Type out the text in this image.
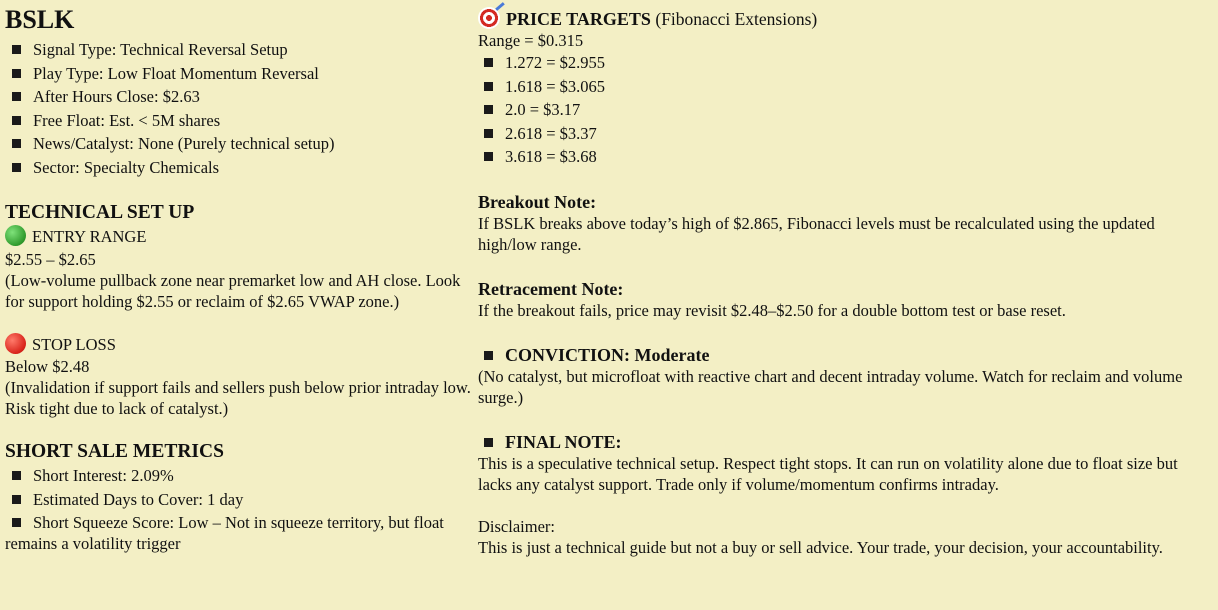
BSLK
Signal Type: Technical Reversal Setup
Play Type: Low Float Momentum Reversal
After Hours Close: $2.63
Free Float: Est. < 5M shares
News/Catalyst: None (Purely technical setup)
Sector: Specialty Chemicals
TECHNICAL SET UP
ENTRY RANGE
$2.55 – $2.65
(Low-volume pullback zone near premarket low and AH close. Look for support holding $2.55 or reclaim of $2.65 VWAP zone.)
STOP LOSS
Below $2.48
(Invalidation if support fails and sellers push below prior intraday low. Risk tight due to lack of catalyst.)
SHORT SALE METRICS
Short Interest: 2.09%
Estimated Days to Cover: 1 day
Short Squeeze Score: Low – Not in squeeze territory, but float remains a volatility trigger
PRICE TARGETS (Fibonacci Extensions)
Range = $0.315
1.272 = $2.955
1.618 = $3.065
2.0 = $3.17
2.618 = $3.37
3.618 = $3.68
Breakout Note:
If BSLK breaks above today’s high of $2.865, Fibonacci levels must be recalculated using the updated high/low range.
Retracement Note:
If the breakout fails, price may revisit $2.48–$2.50 for a double bottom test or base reset.
CONVICTION: Moderate
(No catalyst, but microfloat with reactive chart and decent intraday volume. Watch for reclaim and volume surge.)
FINAL NOTE:
This is a speculative technical setup. Respect tight stops. It can run on volatility alone due to float size but lacks any catalyst support. Trade only if volume/momentum confirms intraday.
Disclaimer:
This is just a technical guide but not a buy or sell advice. Your trade, your decision, your accountability.
